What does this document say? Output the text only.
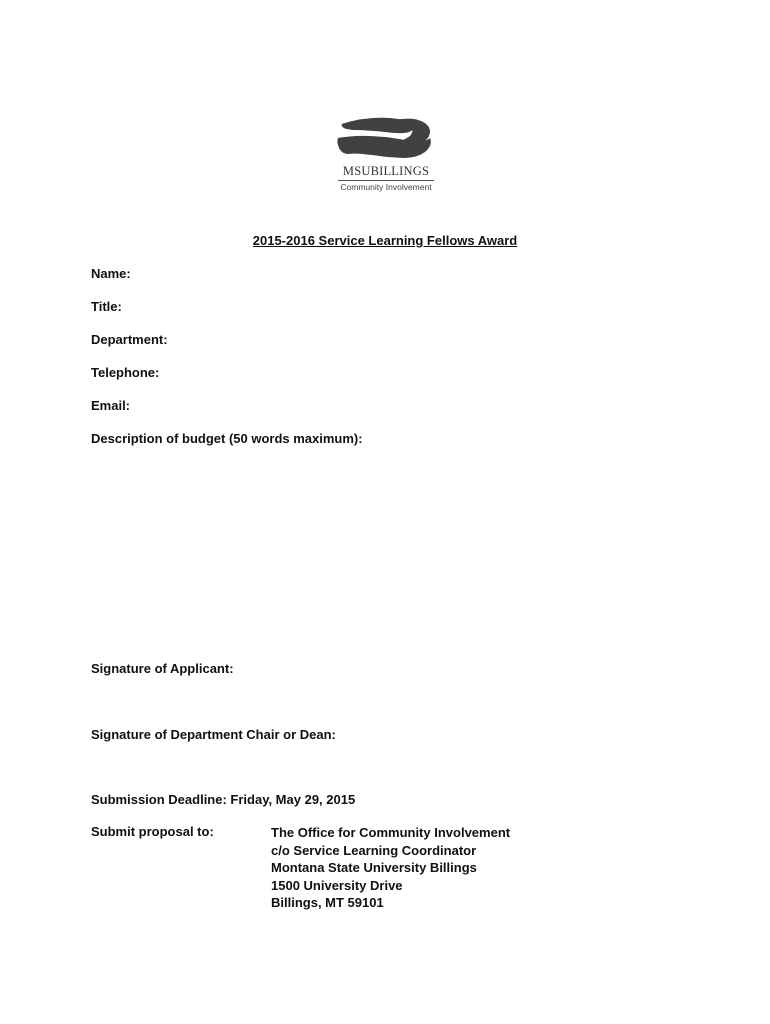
MSUBILLINGS
Community Involvement
2015-2016 Service Learning Fellows Award
Name:
Title:
Department:
Telephone:
Email:
Description of budget (50 words maximum):
Signature of Applicant:
Signature of Department Chair or Dean:
Submission Deadline: Friday, May 29, 2015
Submit proposal to:	The Office for Community Involvement
c/o Service Learning Coordinator
Montana State University Billings
1500 University Drive
Billings, MT 59101
